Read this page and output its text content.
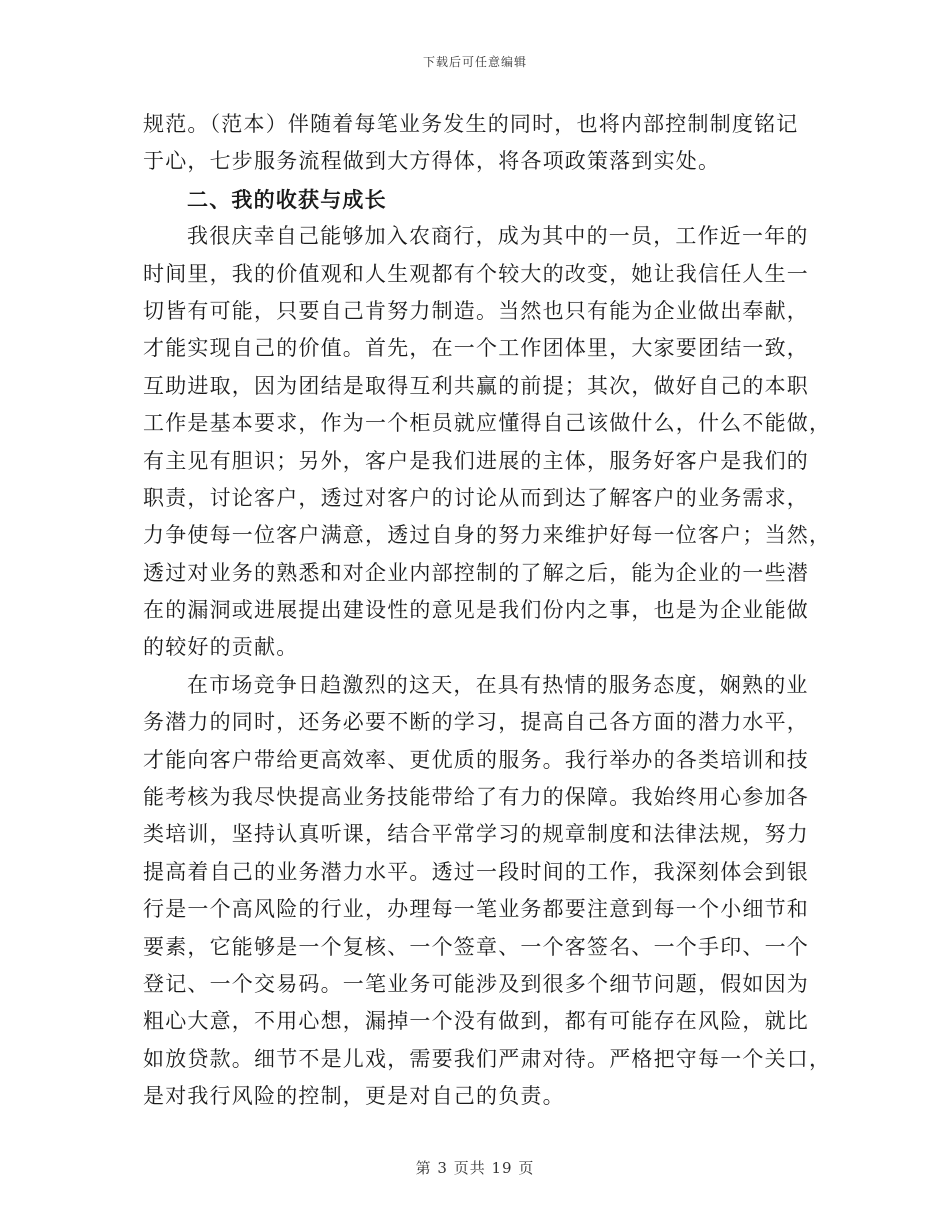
下载后可任意编辑
规范。（范本）伴随着每笔业务发生的同时，也将内部控制制度铭记
于心，七步服务流程做到大方得体，将各项政策落到实处。
二、我的收获与成长
我很庆幸自己能够加入农商行，成为其中的一员，工作近一年的
时间里，我的价值观和人生观都有个较大的改变，她让我信任人生一
切皆有可能，只要自己肯努力制造。当然也只有能为企业做出奉献，
才能实现自己的价值。首先，在一个工作团体里，大家要团结一致，
互助进取，因为团结是取得互利共赢的前提；其次，做好自己的本职
工作是基本要求，作为一个柜员就应懂得自己该做什么，什么不能做，
有主见有胆识；另外，客户是我们进展的主体，服务好客户是我们的
职责，讨论客户，透过对客户的讨论从而到达了解客户的业务需求，
力争使每一位客户满意，透过自身的努力来维护好每一位客户；当然，
透过对业务的熟悉和对企业内部控制的了解之后，能为企业的一些潜
在的漏洞或进展提出建设性的意见是我们份内之事，也是为企业能做
的较好的贡献。
在市场竞争日趋激烈的这天，在具有热情的服务态度，娴熟的业
务潜力的同时，还务必要不断的学习，提高自己各方面的潜力水平，
才能向客户带给更高效率、更优质的服务。我行举办的各类培训和技
能考核为我尽快提高业务技能带给了有力的保障。我始终用心参加各
类培训，坚持认真听课，结合平常学习的规章制度和法律法规，努力
提高着自己的业务潜力水平。透过一段时间的工作，我深刻体会到银
行是一个高风险的行业，办理每一笔业务都要注意到每一个小细节和
要素，它能够是一个复核、一个签章、一个客签名、一个手印、一个
登记、一个交易码。一笔业务可能涉及到很多个细节问题，假如因为
粗心大意，不用心想，漏掉一个没有做到，都有可能存在风险，就比
如放贷款。细节不是儿戏，需要我们严肃对待。严格把守每一个关口，
是对我行风险的控制，更是对自己的负责。
第 3 页共 19 页
